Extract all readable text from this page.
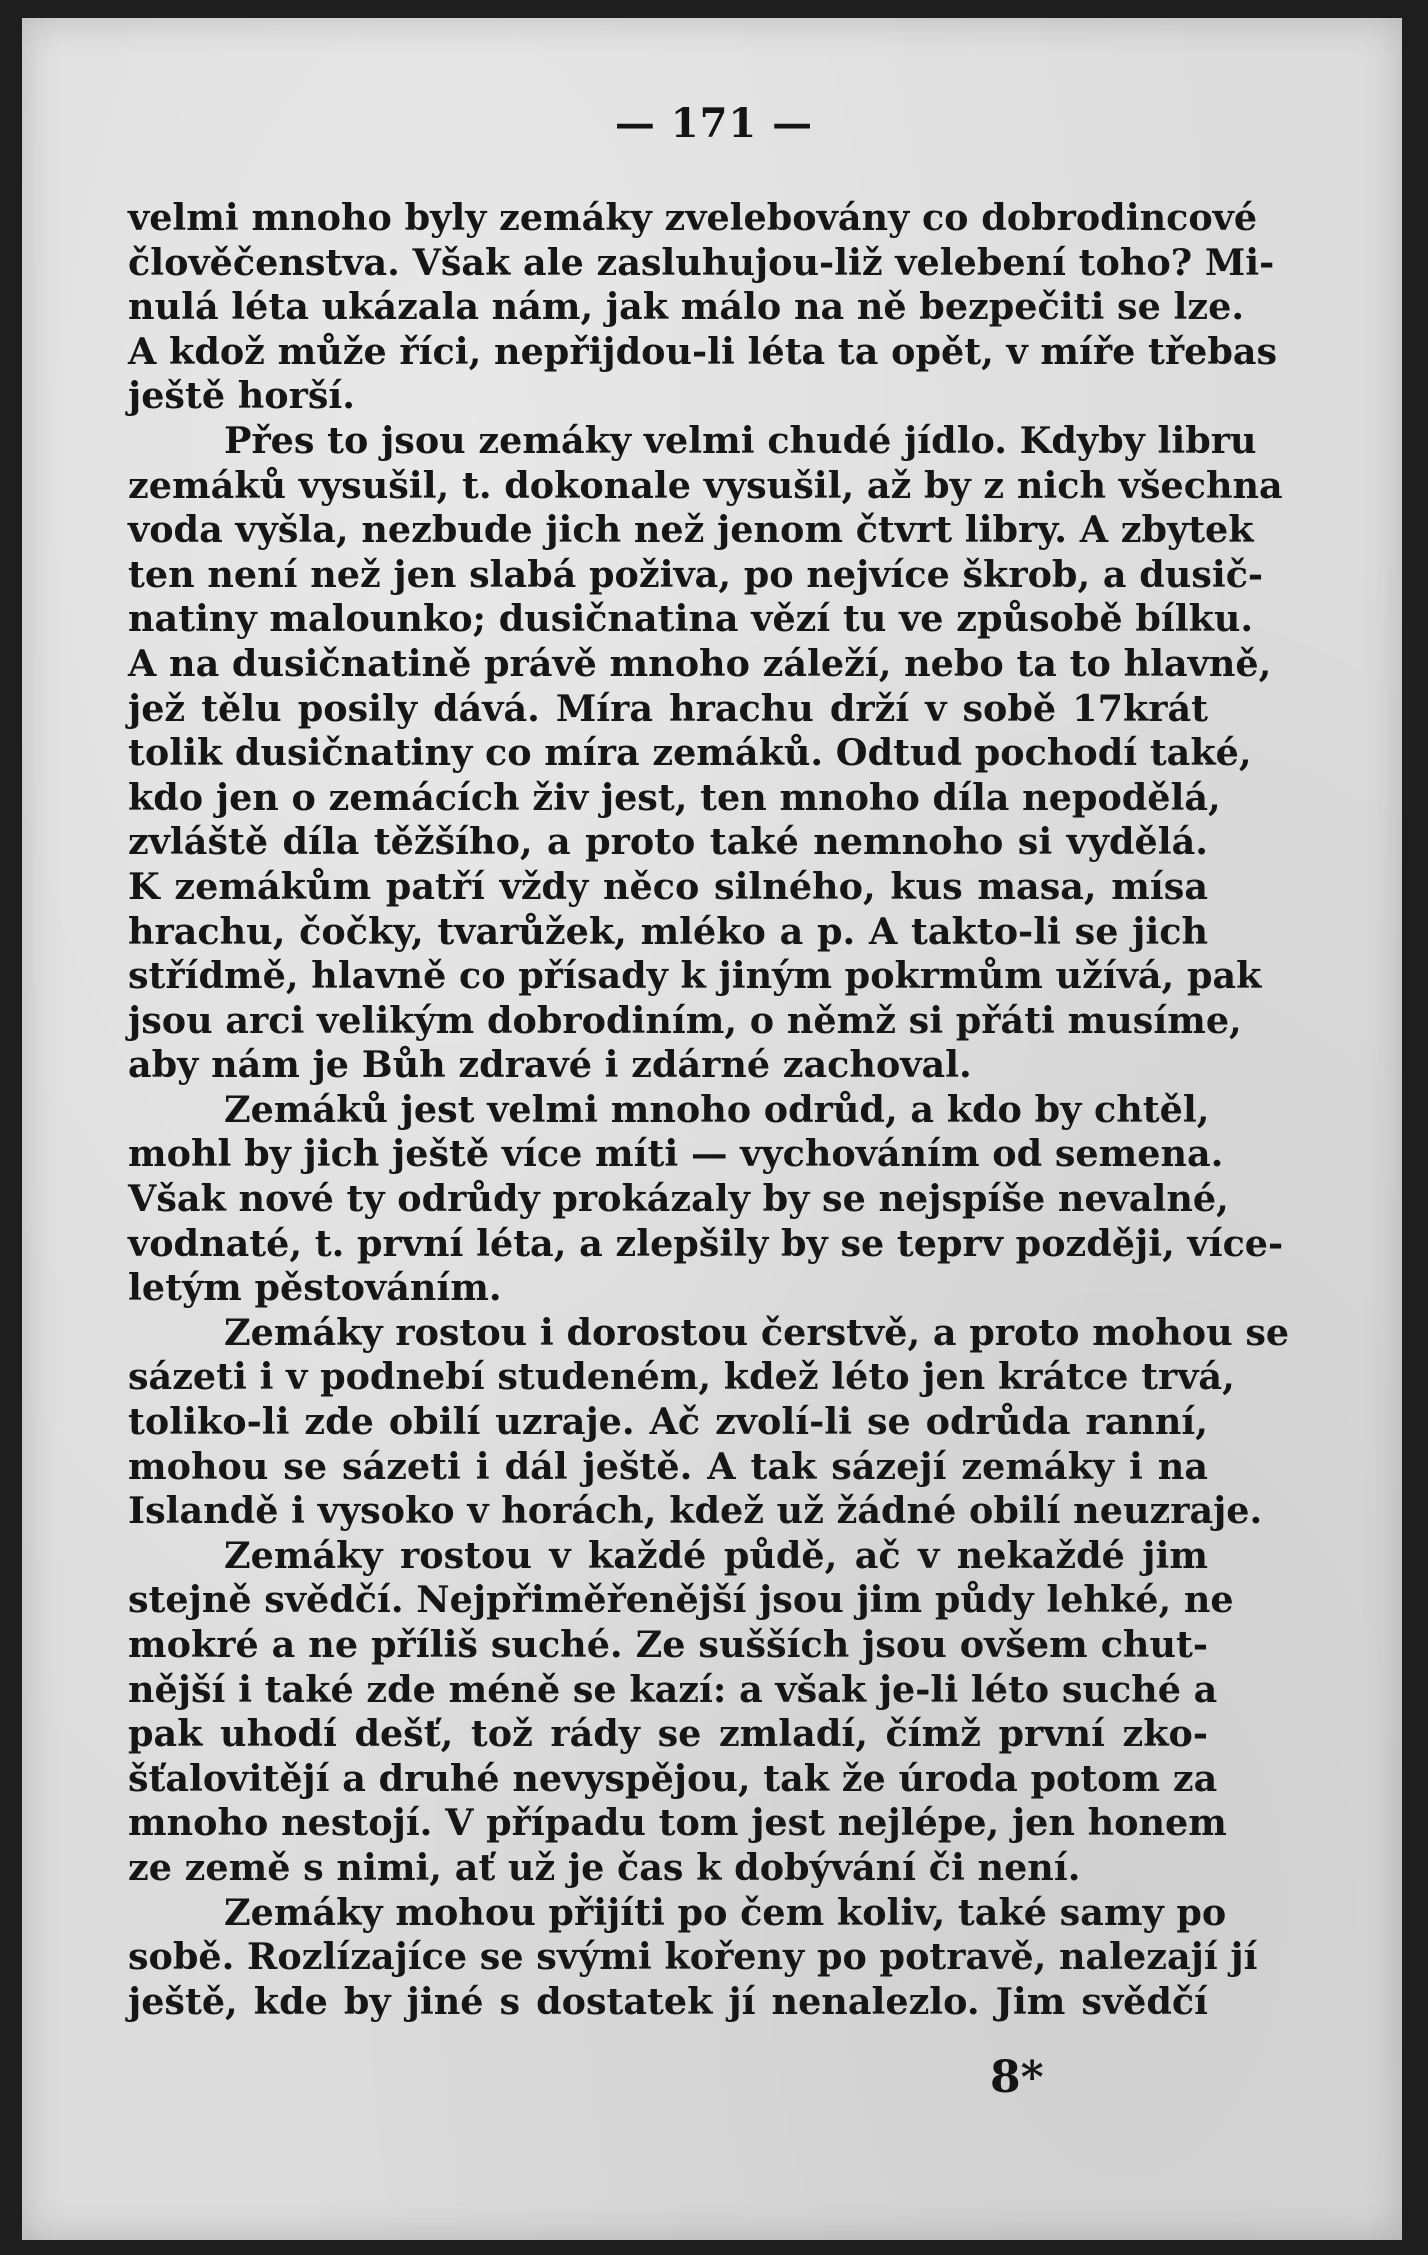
— 171 —
velmi mnoho byly zemáky zvelebovány co dobrodincové
člověčenstva. Však ale zasluhujou-liž velebení toho? Mi-
nulá léta ukázala nám, jak málo na ně bezpečiti se lze.
A kdož může říci, nepřijdou-li léta ta opět, v míře třebas
ještě horší.
Přes to jsou zemáky velmi chudé jídlo. Kdyby libru
zemáků vysušil, t. dokonale vysušil, až by z nich všechna
voda vyšla, nezbude jich než jenom čtvrt libry. A zbytek
ten není než jen slabá poživa, po nejvíce škrob, a dusič-
natiny malounko; dusičnatina vězí tu ve způsobě bílku.
A na dusičnatině právě mnoho záleží, nebo ta to hlavně,
jež tělu posily dává. Míra hrachu drží v sobě 17krát
tolik dusičnatiny co míra zemáků. Odtud pochodí také,
kdo jen o zemácích živ jest, ten mnoho díla nepodělá,
zvláště díla těžšího, a proto také nemnoho si vydělá.
K zemákům patří vždy něco silného, kus masa, mísa
hrachu, čočky, tvarůžek, mléko a p. A takto-li se jich
střídmě, hlavně co přísady k jiným pokrmům užívá, pak
jsou arci velikým dobrodiním, o němž si přáti musíme,
aby nám je Bůh zdravé i zdárné zachoval.
Zemáků jest velmi mnoho odrůd, a kdo by chtěl,
mohl by jich ještě více míti — vychováním od semena.
Však nové ty odrůdy prokázaly by se nejspíše nevalné,
vodnaté, t. první léta, a zlepšily by se teprv později, více-
letým pěstováním.
Zemáky rostou i dorostou čerstvě, a proto mohou se
sázeti i v podnebí studeném, kdež léto jen krátce trvá,
toliko-li zde obilí uzraje. Ač zvolí-li se odrůda ranní,
mohou se sázeti i dál ještě. A tak sázejí zemáky i na
Islandě i vysoko v horách, kdež už žádné obilí neuzraje.
Zemáky rostou v každé půdě, ač v nekaždé jim
stejně svědčí. Nejpřiměřenější jsou jim půdy lehké, ne
mokré a ne příliš suché. Ze sušších jsou ovšem chut-
nější i také zde méně se kazí: a však je-li léto suché a
pak uhodí dešť, tož rády se zmladí, čímž první zko-
šťalovitějí a druhé nevyspějou, tak že úroda potom za
mnoho nestojí. V případu tom jest nejlépe, jen honem
ze země s nimi, ať už je čas k dobývání či není.
Zemáky mohou přijíti po čem koliv, také samy po
sobě. Rozlízajíce se svými kořeny po potravě, nalezají jí
ještě, kde by jiné s dostatek jí nenalezlo. Jim svědčí
8*
